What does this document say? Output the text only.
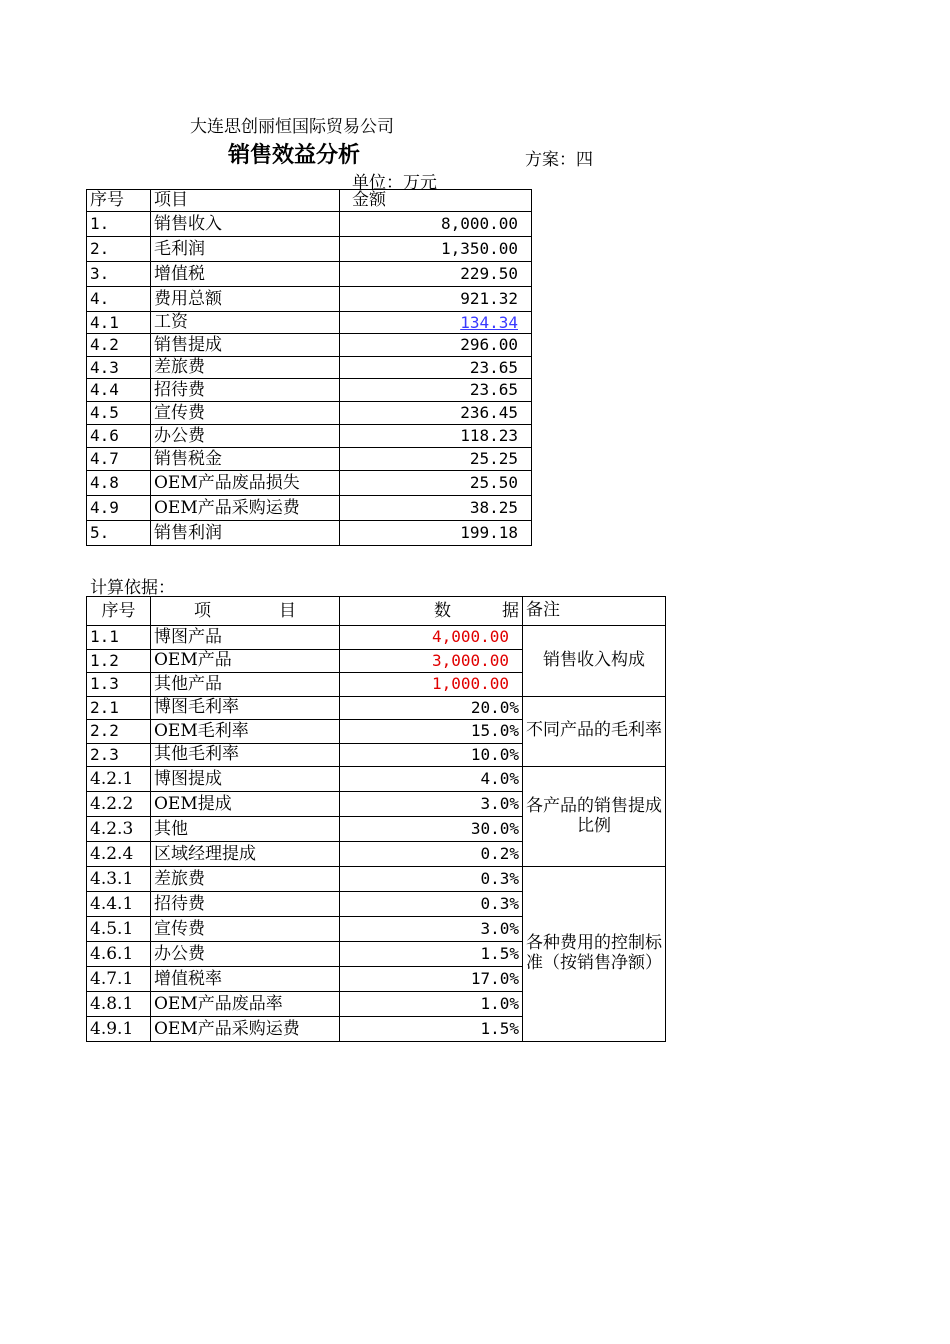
大连思创丽恒国际贸易公司
销售效益分析	方案：四
单位：万元
序号	项目	金额
1.	销售收入	8,000.00
2.	毛利润	1,350.00
3.	增值税	229.50
4.	费用总额	921.32
4.1	工资	134.34
4.2	销售提成	296.00
4.3	差旅费	23.65
4.4	招待费	23.65
4.5	宣传费	236.45
4.6	办公费	118.23
4.7	销售税金	25.25
4.8	OEM产品废品损失	25.50
4.9	OEM产品采购运费	38.25
5.	销售利润	199.18
计算依据：
序号	项　　　　目	数　　　据	备注
1.1	博图产品	4,000.00	销售收入构成
1.2	OEM产品	3,000.00	
1.3	其他产品	1,000.00	
2.1	博图毛利率	20.0%	不同产品的毛利率
2.2	OEM毛利率	15.0%	
2.3	其他毛利率	10.0%	
4.2.1	博图提成	4.0%	各产品的销售提成比例
4.2.2	OEM提成	3.0%	
4.2.3	其他	30.0%	
4.2.4	区域经理提成	0.2%	
4.3.1	差旅费	0.3%	各种费用的控制标准（按销售净额）
4.4.1	招待费	0.3%	
4.5.1	宣传费	3.0%	
4.6.1	办公费	1.5%	
4.7.1	增值税率	17.0%	
4.8.1	OEM产品废品率	1.0%	
4.9.1	OEM产品采购运费	1.5%	
